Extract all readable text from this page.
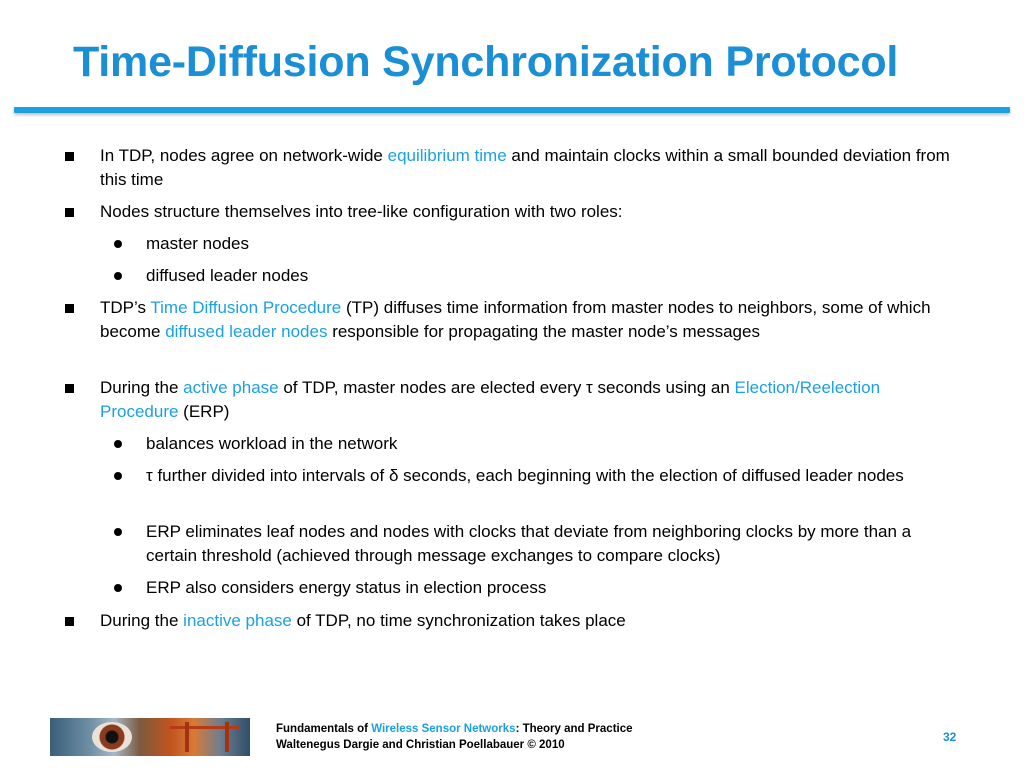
Time-Diffusion Synchronization Protocol
In TDP, nodes agree on network-wide equilibrium time and maintain clocks within a small bounded deviation from this time
Nodes structure themselves into tree-like configuration with two roles:
master nodes
diffused leader nodes
TDP’s Time Diffusion Procedure (TP) diffuses time information from master nodes to neighbors, some of which become diffused leader nodes responsible for propagating the master node’s messages
During the active phase of TDP, master nodes are elected every τ seconds using an Election/Reelection Procedure (ERP)
balances workload in the network
τ further divided into intervals of δ seconds, each beginning with the election of diffused leader nodes
ERP eliminates leaf nodes and nodes with clocks that deviate from neighboring clocks by more than a certain threshold (achieved through message exchanges to compare clocks)
ERP also considers energy status in election process
During the inactive phase of TDP, no time synchronization takes place
Fundamentals of Wireless Sensor Networks: Theory and Practice
Waltenegus Dargie and Christian Poellabauer © 2010
32
